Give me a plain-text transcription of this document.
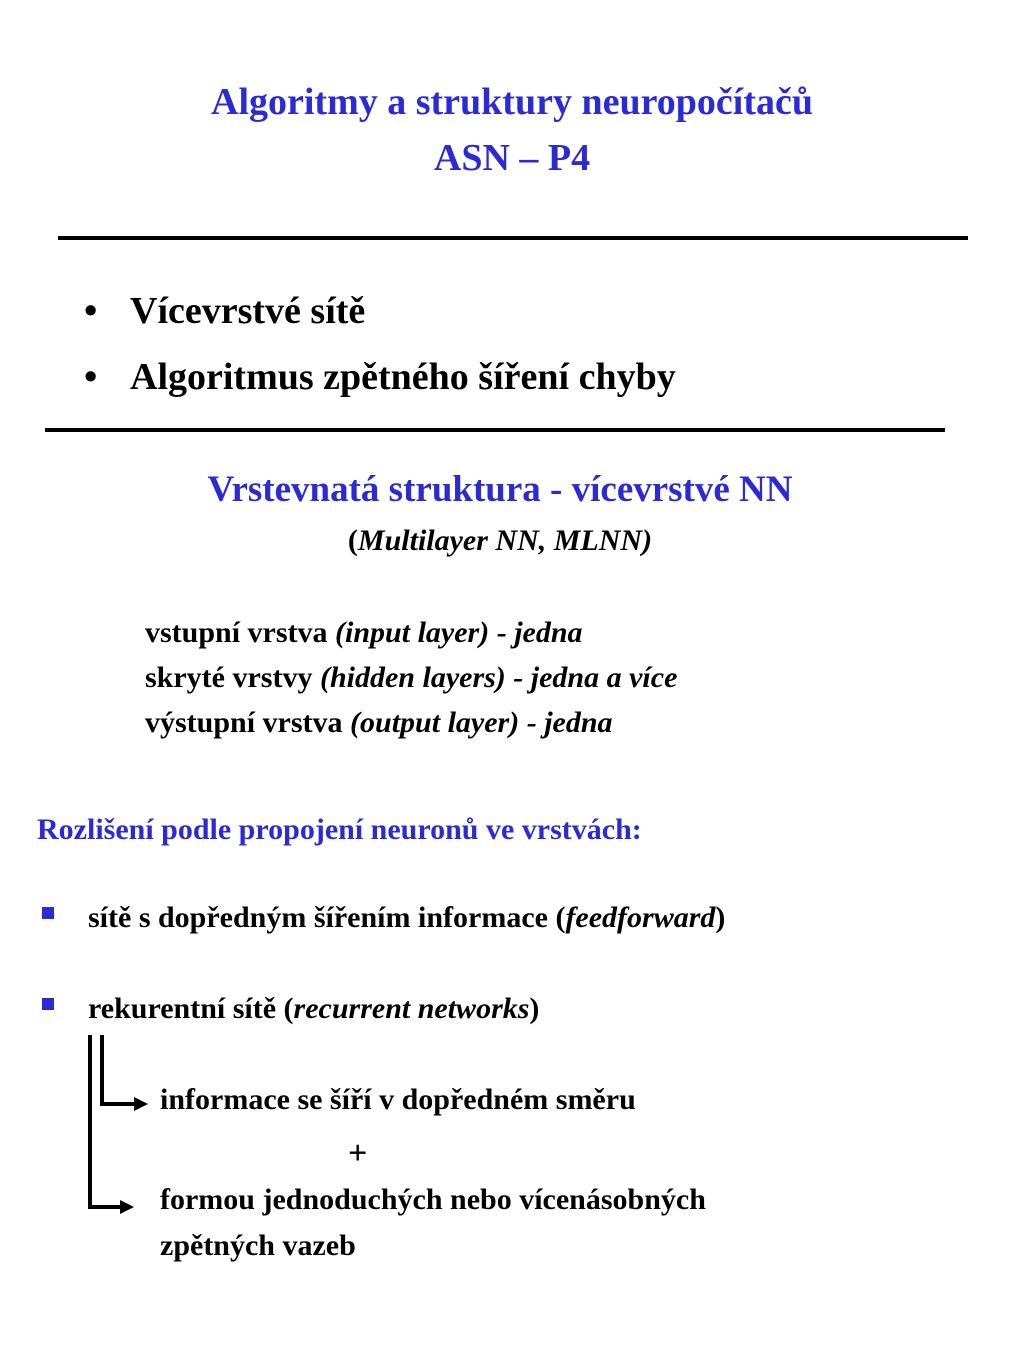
Algoritmy a struktury neuropočítačů
ASN – P4
• Vícevrstvé sítě
• Algoritmus zpětného šíření chyby
Vrstevnatá struktura - vícevrstvé NN
(Multilayer NN, MLNN)
vstupní vrstva (input layer) - jedna
skryté vrstvy (hidden layers) - jedna a více
výstupní vrstva (output layer) - jedna
Rozlišení podle propojení neuronů ve vrstvách:
sítě s dopředným šířením informace (feedforward)
rekurentní sítě (recurrent networks)
informace se šíří v dopředném směru
+
formou jednoduchých nebo vícenásobných
zpětných vazeb
